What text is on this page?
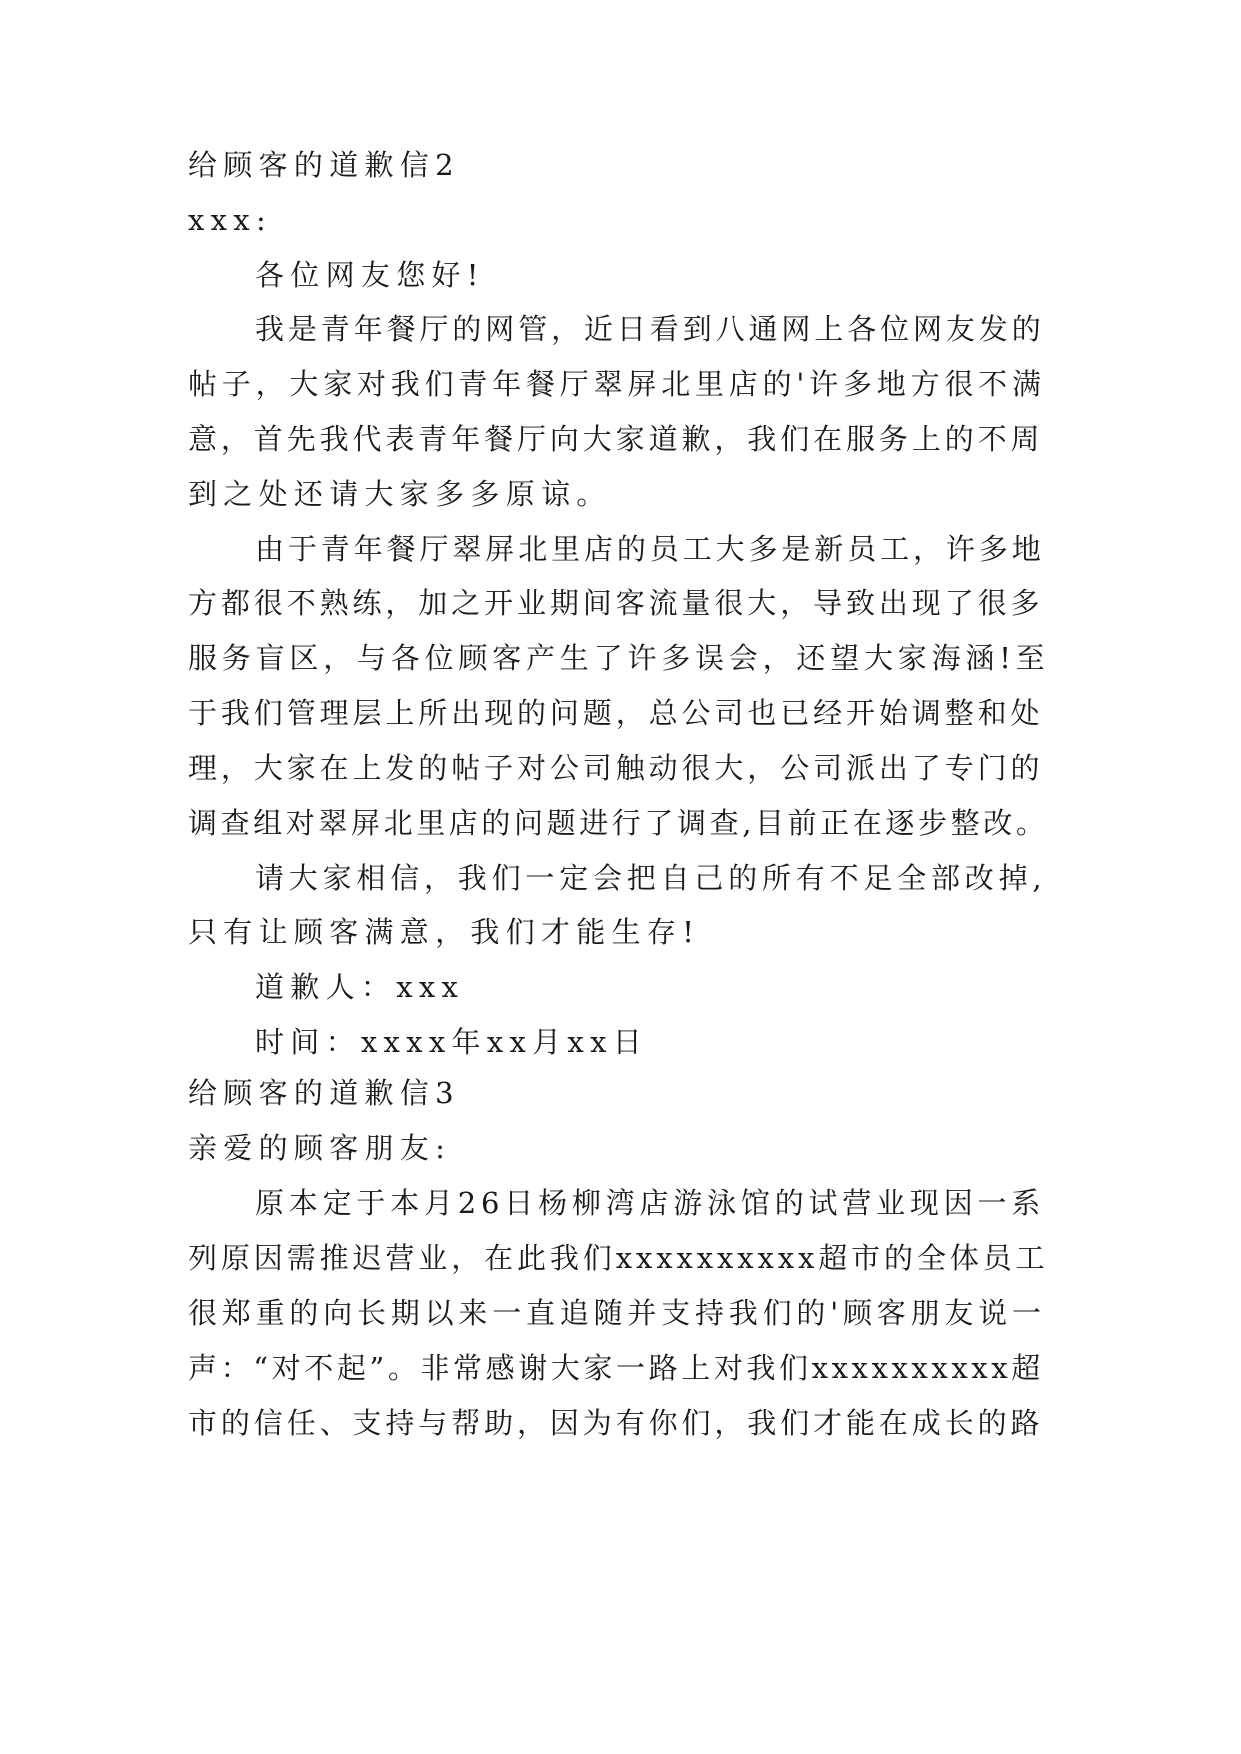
给顾客的道歉信2
xxx:
各位网友您好!
我是青年餐厅的网管，近日看到八通网上各位网友发的
帖子，大家对我们青年餐厅翠屏北里店的'许多地方很不满
意，首先我代表青年餐厅向大家道歉，我们在服务上的不周
到之处还请大家多多原谅。
由于青年餐厅翠屏北里店的员工大多是新员工，许多地
方都很不熟练，加之开业期间客流量很大，导致出现了很多
服务盲区，与各位顾客产生了许多误会，还望大家海涵!至
于我们管理层上所出现的问题，总公司也已经开始调整和处
理，大家在上发的帖子对公司触动很大，公司派出了专门的
调查组对翠屏北里店的问题进行了调查,目前正在逐步整改。
请大家相信，我们一定会把自己的所有不足全部改掉,
只有让顾客满意，我们才能生存!
道歉人：xxx
时间：xxxx年xx月xx日
给顾客的道歉信3
亲爱的顾客朋友:
原本定于本月26日杨柳湾店游泳馆的试营业现因一系
列原因需推迟营业，在此我们xxxxxxxxxx超市的全体员工
很郑重的向长期以来一直追随并支持我们的'顾客朋友说一
声：“对不起”。非常感谢大家一路上对我们xxxxxxxxxx超
市的信任、支持与帮助，因为有你们，我们才能在成长的路
